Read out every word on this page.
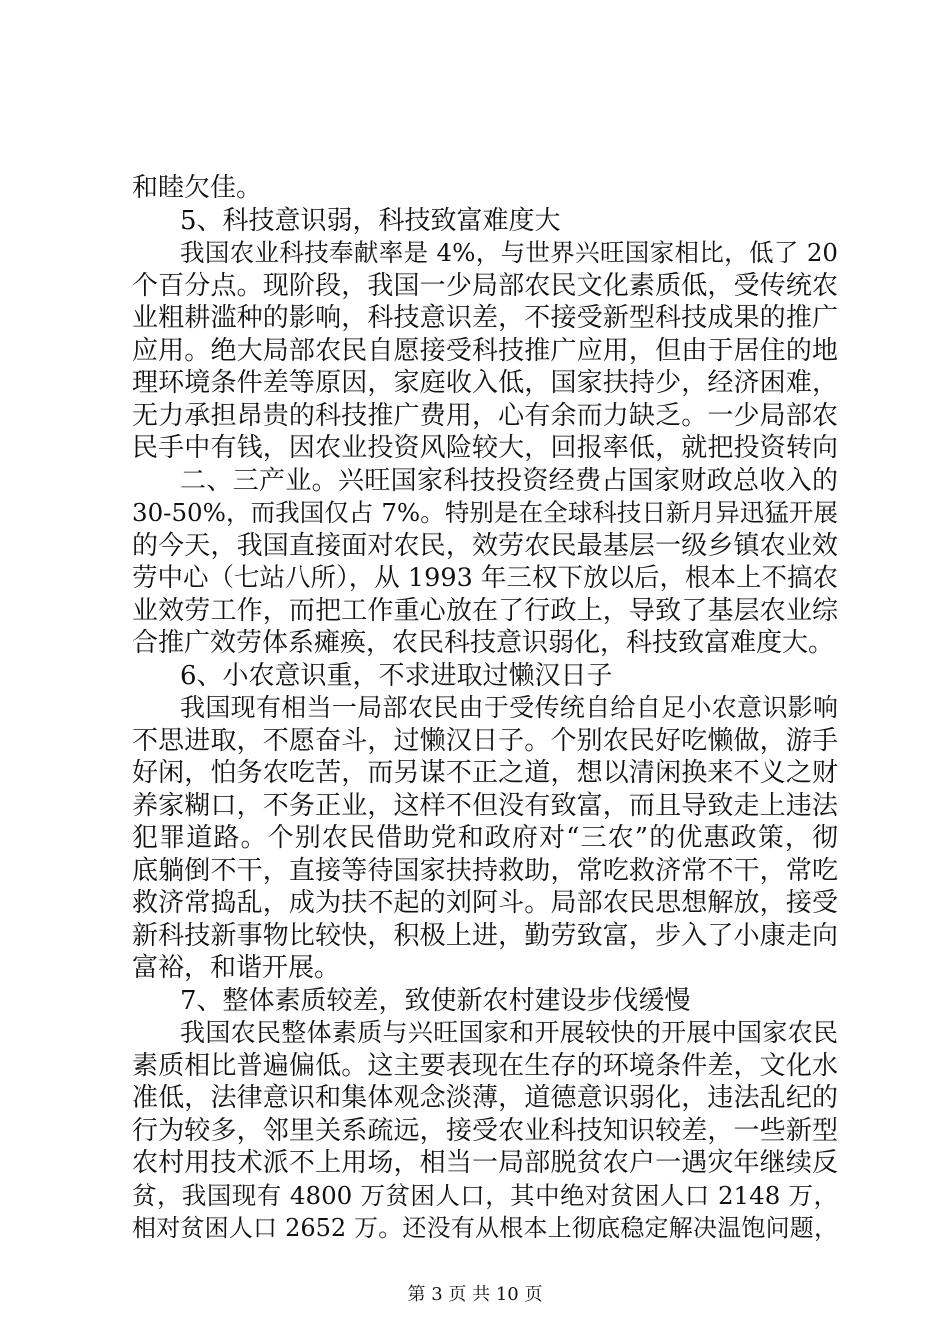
和睦欠佳。

5、科技意识弱，科技致富难度大

我国农业科技奉献率是 4%，与世界兴旺国家相比，低了 20

个百分点。现阶段，我国一少局部农民文化素质低，受传统农

业粗耕滥种的影响，科技意识差，不接受新型科技成果的推广

应用。绝大局部农民自愿接受科技推广应用，但由于居住的地

理环境条件差等原因，家庭收入低，国家扶持少，经济困难，

无力承担昂贵的科技推广费用，心有余而力缺乏。一少局部农

民手中有钱，因农业投资风险较大，回报率低，就把投资转向

二、三产业。兴旺国家科技投资经费占国家财政总收入的

30-50%，而我国仅占 7%。特别是在全球科技日新月异迅猛开展

的今天，我国直接面对农民，效劳农民最基层一级乡镇农业效

劳中心（七站八所），从 1993 年三权下放以后，根本上不搞农

业效劳工作，而把工作重心放在了行政上，导致了基层农业综

合推广效劳体系瘫痪，农民科技意识弱化，科技致富难度大。

6、小农意识重，不求进取过懒汉日子

我国现有相当一局部农民由于受传统自给自足小农意识影响

不思进取，不愿奋斗，过懒汉日子。个别农民好吃懒做，游手

好闲，怕务农吃苦，而另谋不正之道，想以清闲换来不义之财

养家糊口，不务正业，这样不但没有致富，而且导致走上违法

犯罪道路。个别农民借助党和政府对“三农”的优惠政策，彻

底躺倒不干，直接等待国家扶持救助，常吃救济常不干，常吃

救济常捣乱，成为扶不起的刘阿斗。局部农民思想解放，接受

新科技新事物比较快，积极上进，勤劳致富，步入了小康走向

富裕，和谐开展。

7、整体素质较差，致使新农村建设步伐缓慢

我国农民整体素质与兴旺国家和开展较快的开展中国家农民

素质相比普遍偏低。这主要表现在生存的环境条件差，文化水

准低，法律意识和集体观念淡薄，道德意识弱化，违法乱纪的

行为较多，邻里关系疏远，接受农业科技知识较差，一些新型

农村用技术派不上用场，相当一局部脱贫农户一遇灾年继续反

贫，我国现有 4800 万贫困人口，其中绝对贫困人口 2148 万，

相对贫困人口 2652 万。还没有从根本上彻底稳定解决温饱问题，

第 3 页 共 10 页
